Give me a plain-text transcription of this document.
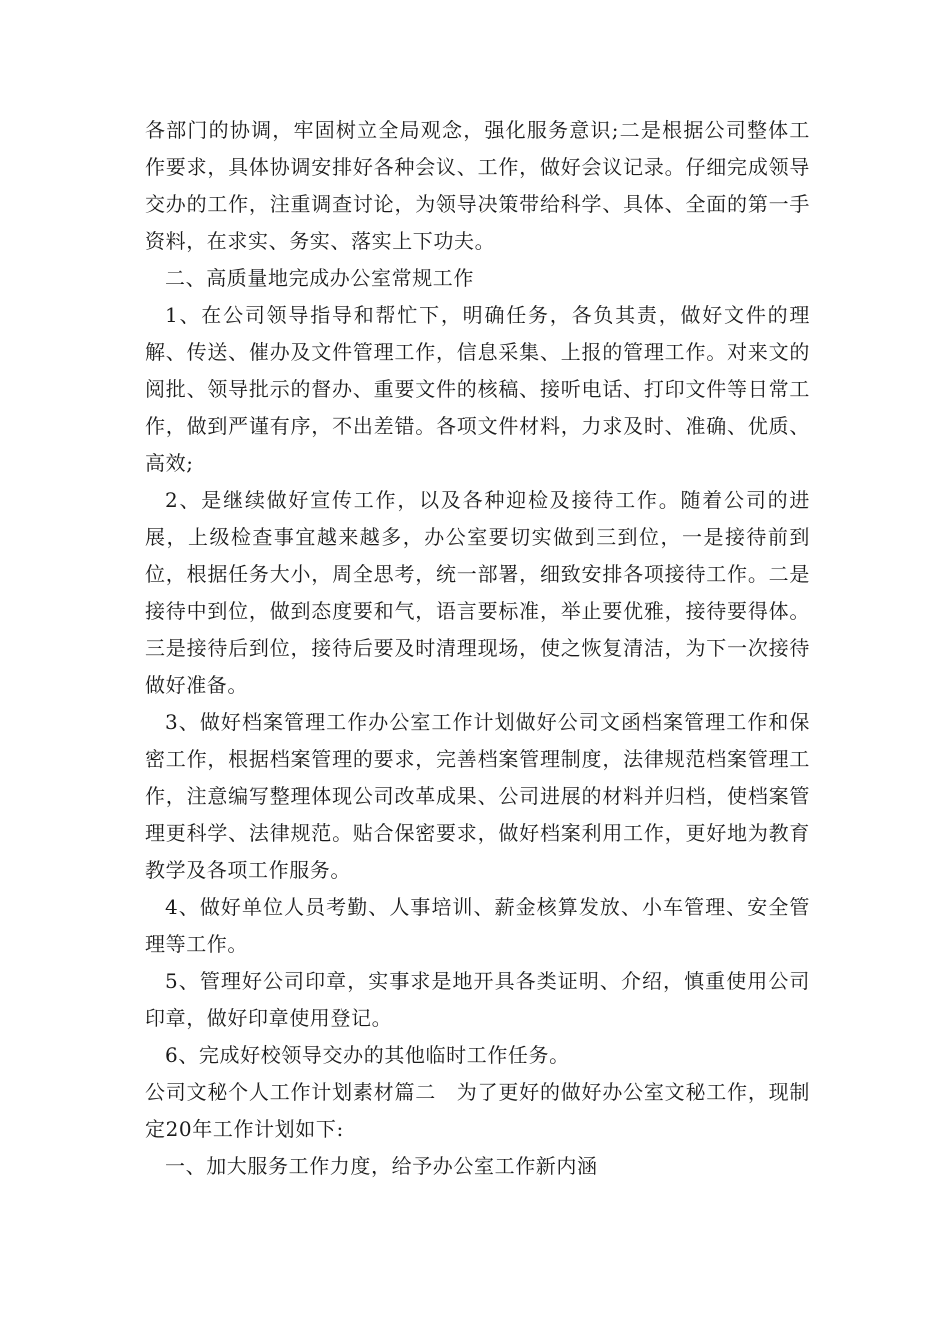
各部门的协调，牢固树立全局观念，强化服务意识;二是根据公司整体工作要求，具体协调安排好各种会议、工作，做好会议记录。仔细完成领导交办的工作，注重调查讨论，为领导决策带给科学、具体、全面的第一手资料，在求实、务实、落实上下功夫。

二、高质量地完成办公室常规工作

1、在公司领导指导和帮忙下，明确任务，各负其责，做好文件的理解、传送、催办及文件管理工作，信息采集、上报的管理工作。对来文的阅批、领导批示的督办、重要文件的核稿、接听电话、打印文件等日常工作，做到严谨有序，不出差错。各项文件材料，力求及时、准确、优质、高效;

2、是继续做好宣传工作，以及各种迎检及接待工作。随着公司的进展，上级检查事宜越来越多，办公室要切实做到三到位，一是接待前到位，根据任务大小，周全思考，统一部署，细致安排各项接待工作。二是接待中到位，做到态度要和气，语言要标准，举止要优雅，接待要得体。三是接待后到位，接待后要及时清理现场，使之恢复清洁，为下一次接待做好准备。

3、做好档案管理工作办公室工作计划做好公司文函档案管理工作和保密工作，根据档案管理的要求，完善档案管理制度，法律规范档案管理工作，注意编写整理体现公司改革成果、公司进展的材料并归档，使档案管理更科学、法律规范。贴合保密要求，做好档案利用工作，更好地为教育教学及各项工作服务。

4、做好单位人员考勤、人事培训、薪金核算发放、小车管理、安全管理等工作。

5、管理好公司印章，实事求是地开具各类证明、介绍，慎重使用公司印章，做好印章使用登记。

6、完成好校领导交办的其他临时工作任务。

公司文秘个人工作计划素材篇二　为了更好的做好办公室文秘工作，现制定20年工作计划如下:

一、加大服务工作力度，给予办公室工作新内涵
